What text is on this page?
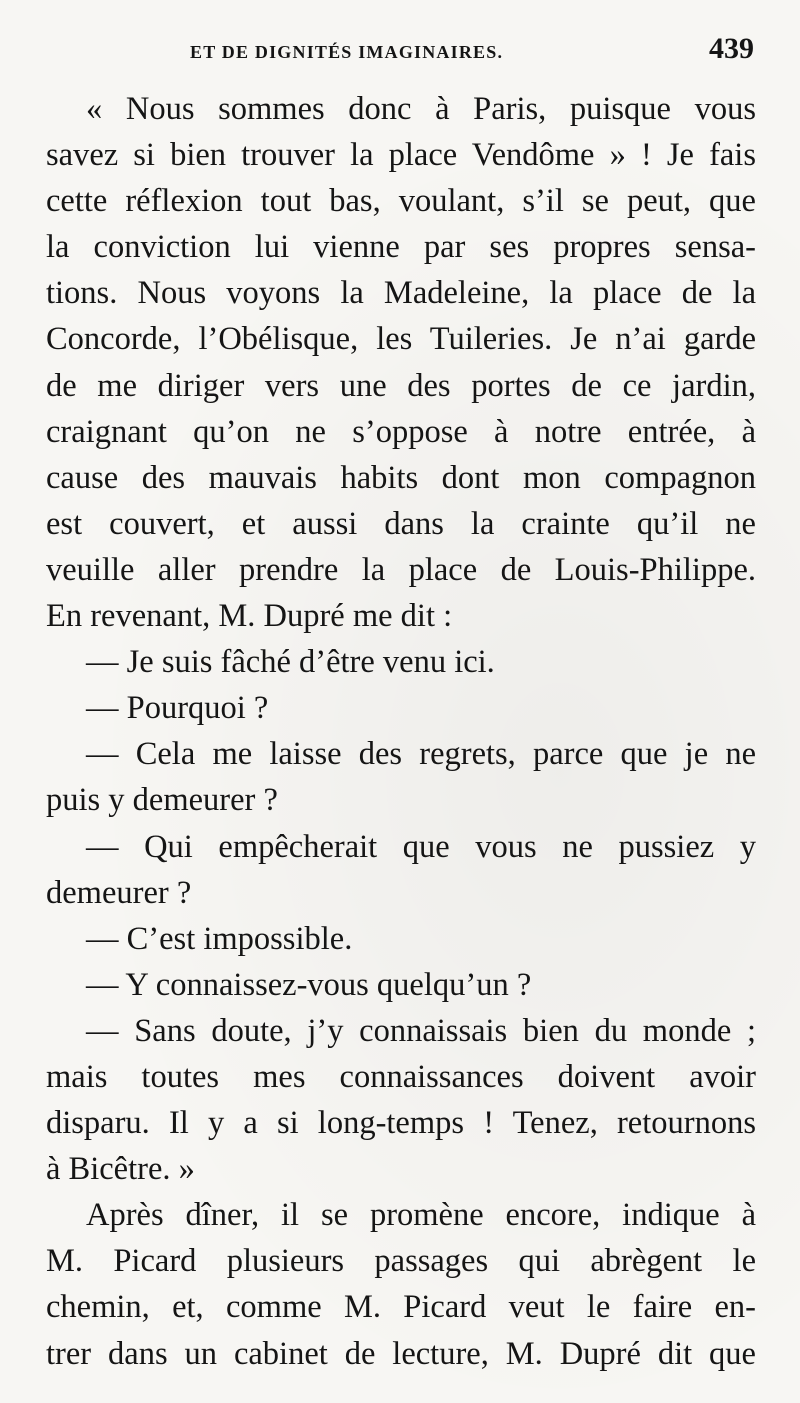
ET DE DIGNITÉS IMAGINAIRES.	439
« Nous sommes donc à Paris, puisque vous
savez si bien trouver la place Vendôme » ! Je fais
cette réflexion tout bas, voulant, s’il se peut, que
la conviction lui vienne par ses propres sensa-
tions. Nous voyons la Madeleine, la place de la
Concorde, l’Obélisque, les Tuileries. Je n’ai garde
de me diriger vers une des portes de ce jardin,
craignant qu’on ne s’oppose à notre entrée, à
cause des mauvais habits dont mon compagnon
est couvert, et aussi dans la crainte qu’il ne
veuille aller prendre la place de Louis-Philippe.
En revenant, M. Dupré me dit :
— Je suis fâché d’être venu ici.
— Pourquoi ?
— Cela me laisse des regrets, parce que je ne
puis y demeurer ?
— Qui empêcherait que vous ne pussiez y
demeurer ?
— C’est impossible.
— Y connaissez-vous quelqu’un ?
— Sans doute, j’y connaissais bien du monde ;
mais toutes mes connaissances doivent avoir
disparu. Il y a si long-temps ! Tenez, retournons
à Bicêtre. »
Après dîner, il se promène encore, indique à
M. Picard plusieurs passages qui abrègent le
chemin, et, comme M. Picard veut le faire en-
trer dans un cabinet de lecture, M. Dupré dit que
